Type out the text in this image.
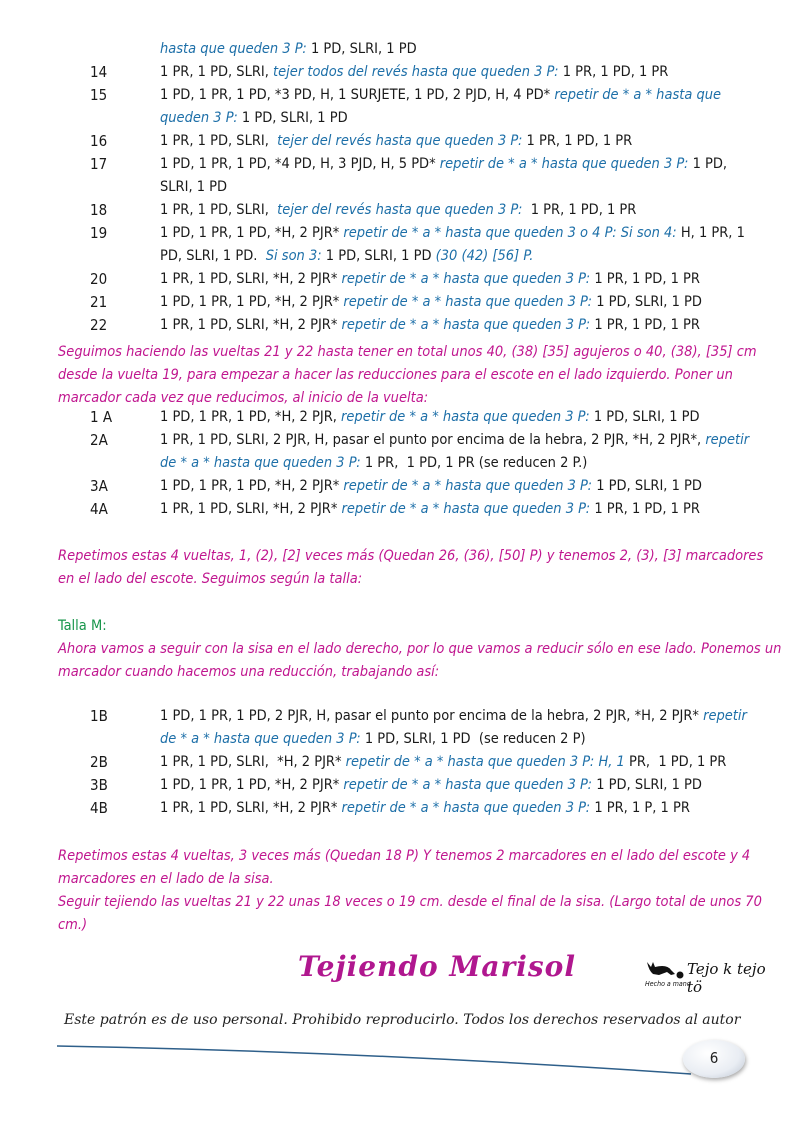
hasta que queden 3 P: 1 PD, SLRI, 1 PD
14	1 PR, 1 PD, SLRI, tejer todos del revés hasta que queden 3 P: 1 PR, 1 PD, 1 PR
15	1 PD, 1 PR, 1 PD, *3 PD, H, 1 SURJETE, 1 PD, 2 PJD, H, 4 PD* repetir de * a * hasta que
queden 3 P: 1 PD, SLRI, 1 PD
16	1 PR, 1 PD, SLRI,  tejer del revés hasta que queden 3 P: 1 PR, 1 PD, 1 PR
17	1 PD, 1 PR, 1 PD, *4 PD, H, 3 PJD, H, 5 PD* repetir de * a * hasta que queden 3 P: 1 PD,
SLRI, 1 PD
18	1 PR, 1 PD, SLRI,  tejer del revés hasta que queden 3 P:  1 PR, 1 PD, 1 PR
19	1 PD, 1 PR, 1 PD, *H, 2 PJR* repetir de * a * hasta que queden 3 o 4 P: Si son 4: H, 1 PR, 1
PD, SLRI, 1 PD.  Si son 3: 1 PD, SLRI, 1 PD (30 (42) [56] P.
20	1 PR, 1 PD, SLRI, *H, 2 PJR* repetir de * a * hasta que queden 3 P: 1 PR, 1 PD, 1 PR
21	1 PD, 1 PR, 1 PD, *H, 2 PJR* repetir de * a * hasta que queden 3 P: 1 PD, SLRI, 1 PD
22	1 PR, 1 PD, SLRI, *H, 2 PJR* repetir de * a * hasta que queden 3 P: 1 PR, 1 PD, 1 PR
Seguimos haciendo las vueltas 21 y 22 hasta tener en total unos 40, (38) [35] agujeros o 40, (38), [35] cm desde la vuelta 19, para empezar a hacer las reducciones para el escote en el lado izquierdo. Poner un marcador cada vez que reducimos, al inicio de la vuelta:
1 A	1 PD, 1 PR, 1 PD, *H, 2 PJR, repetir de * a * hasta que queden 3 P: 1 PD, SLRI, 1 PD
2A	1 PR, 1 PD, SLRI, 2 PJR, H, pasar el punto por encima de la hebra, 2 PJR, *H, 2 PJR*, repetir
de * a * hasta que queden 3 P: 1 PR,  1 PD, 1 PR (se reducen 2 P.)
3A	1 PD, 1 PR, 1 PD, *H, 2 PJR* repetir de * a * hasta que queden 3 P: 1 PD, SLRI, 1 PD
4A	1 PR, 1 PD, SLRI, *H, 2 PJR* repetir de * a * hasta que queden 3 P: 1 PR, 1 PD, 1 PR
Repetimos estas 4 vueltas, 1, (2), [2] veces más (Quedan 26, (36), [50] P) y tenemos 2, (3), [3] marcadores en el lado del escote. Seguimos según la talla:
Talla M:
Ahora vamos a seguir con la sisa en el lado derecho, por lo que vamos a reducir sólo en ese lado. Ponemos un marcador cuando hacemos una reducción, trabajando así:
1B	1 PD, 1 PR, 1 PD, 2 PJR, H, pasar el punto por encima de la hebra, 2 PJR, *H, 2 PJR* repetir
de * a * hasta que queden 3 P: 1 PD, SLRI, 1 PD  (se reducen 2 P)
2B	1 PR, 1 PD, SLRI,  *H, 2 PJR* repetir de * a * hasta que queden 3 P: H, 1 PR,  1 PD, 1 PR
3B	1 PD, 1 PR, 1 PD, *H, 2 PJR* repetir de * a * hasta que queden 3 P: 1 PD, SLRI, 1 PD
4B	1 PR, 1 PD, SLRI, *H, 2 PJR* repetir de * a * hasta que queden 3 P: 1 PR, 1 P, 1 PR
Repetimos estas 4 vueltas, 3 veces más (Quedan 18 P) Y tenemos 2 marcadores en el lado del escote y 4 marcadores en el lado de la sisa.
Seguir tejiendo las vueltas 21 y 22 unas 18 veces o 19 cm. desde el final de la sisa. (Largo total de unos 70 cm.)
Tejiendo Marisol	Tejo k tejo tö
Hecho a mano
Este patrón es de uso personal. Prohibido reproducirlo. Todos los derechos reservados al autor
6
